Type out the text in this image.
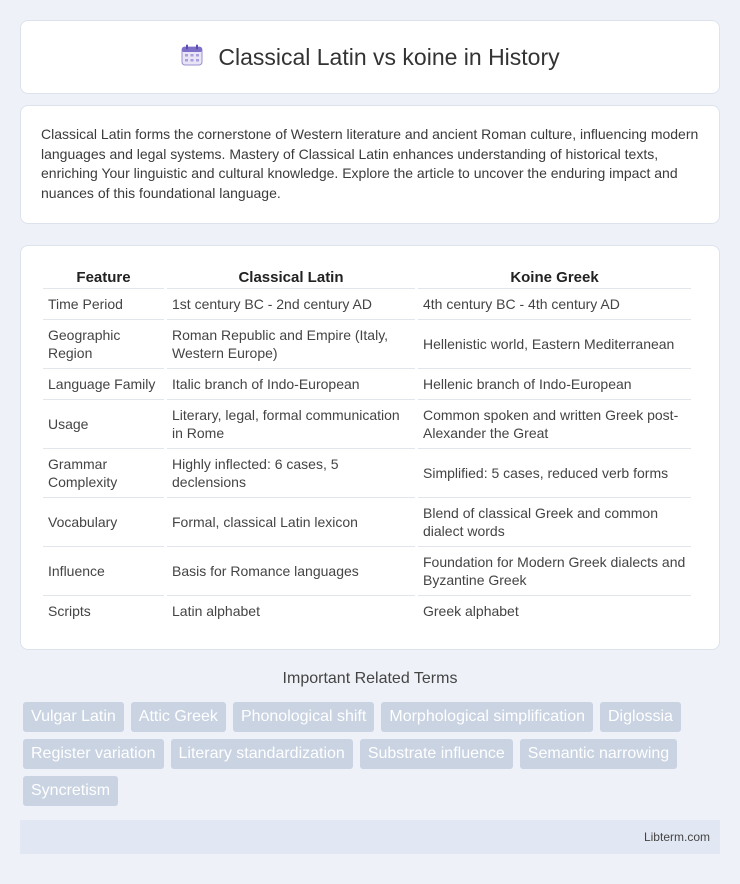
Classical Latin vs koine in History
Classical Latin forms the cornerstone of Western literature and ancient Roman culture, influencing modern languages and legal systems. Mastery of Classical Latin enhances understanding of historical texts, enriching Your linguistic and cultural knowledge. Explore the article to uncover the enduring impact and nuances of this foundational language.
Feature	Classical Latin	Koine Greek
Time Period	1st century BC - 2nd century AD	4th century BC - 4th century AD
Geographic Region	Roman Republic and Empire (Italy, Western Europe)	Hellenistic world, Eastern Mediterranean
Language Family	Italic branch of Indo-European	Hellenic branch of Indo-European
Usage	Literary, legal, formal communication in Rome	Common spoken and written Greek post-Alexander the Great
Grammar Complexity	Highly inflected: 6 cases, 5 declensions	Simplified: 5 cases, reduced verb forms
Vocabulary	Formal, classical Latin lexicon	Blend of classical Greek and common dialect words
Influence	Basis for Romance languages	Foundation for Modern Greek dialects and Byzantine Greek
Scripts	Latin alphabet	Greek alphabet
Important Related Terms
Vulgar Latin	Attic Greek	Phonological shift	Morphological simplification	Diglossia
Register variation	Literary standardization	Substrate influence	Semantic narrowing
Syncretism
Libterm.com
